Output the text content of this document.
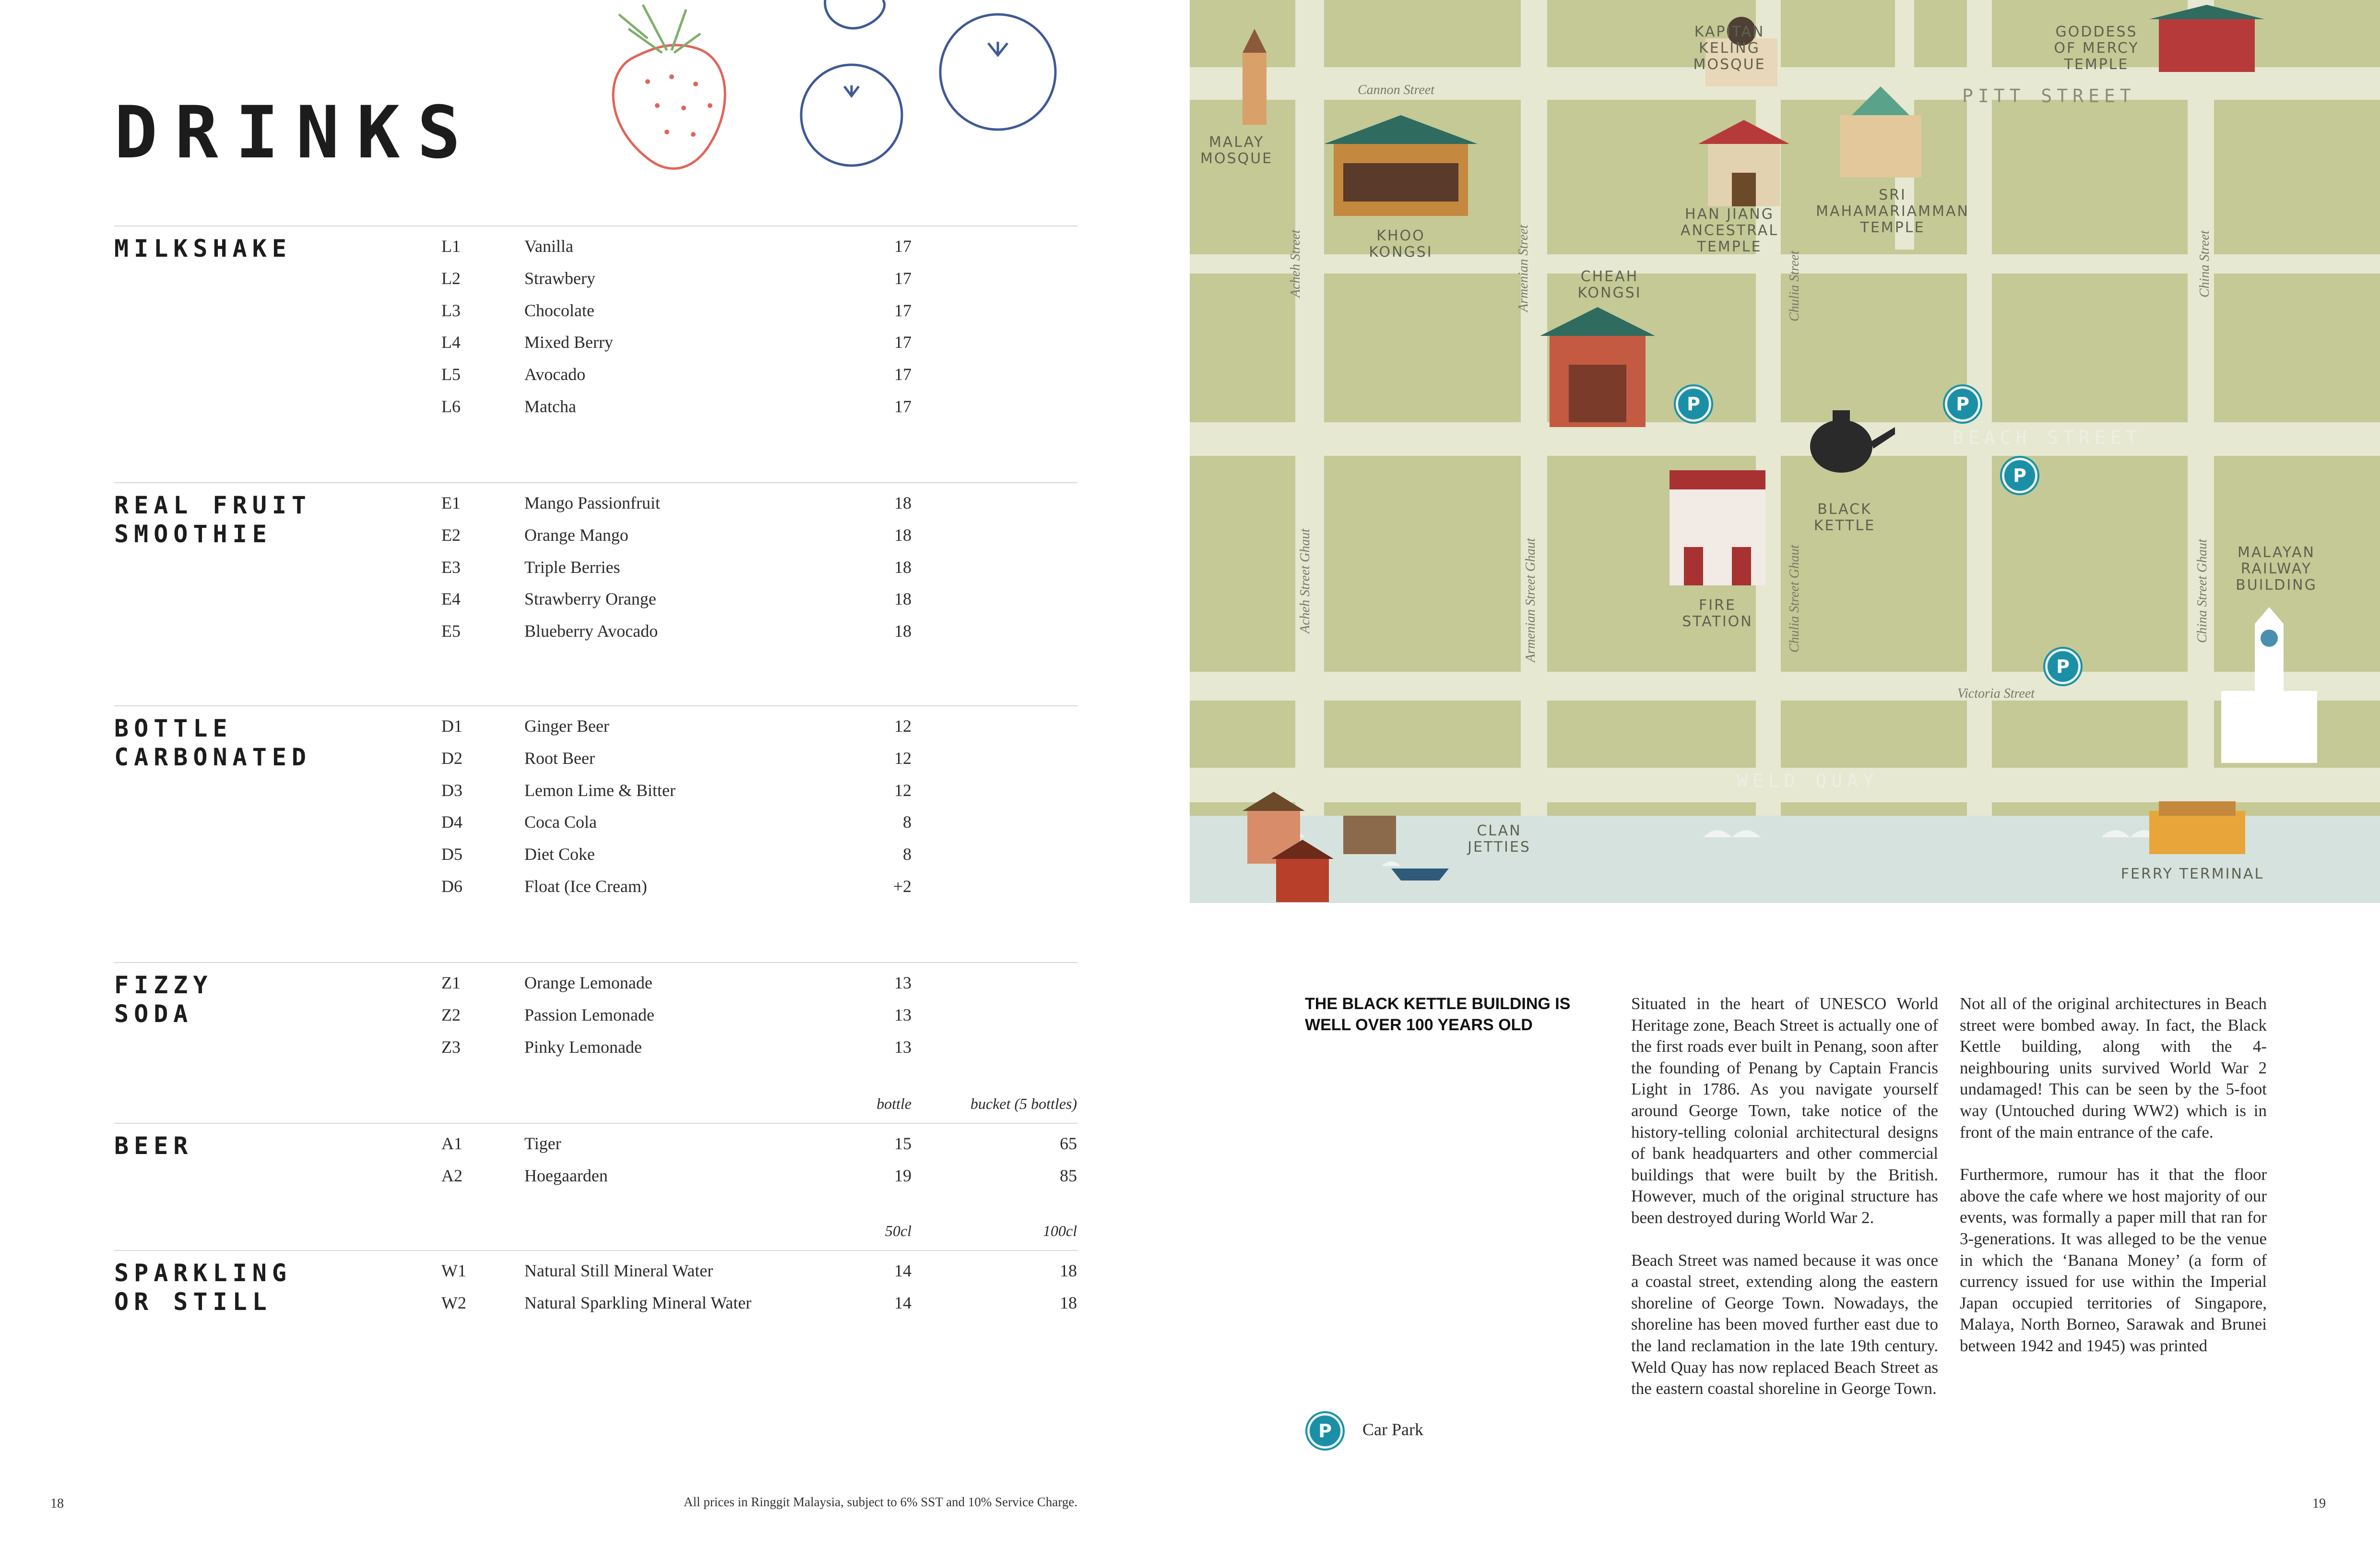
DRINKS
MILKSHAKE	L1	Vanilla	17
L2	Strawbery	17
L3	Chocolate	17
L4	Mixed Berry	17
L5	Avocado	17
L6	Matcha	17
REAL FRUIT
SMOOTHIE
E1	Mango Passionfruit	18
E2	Orange Mango	18
E3	Triple Berries	18
E4	Strawberry Orange	18
E5	Blueberry Avocado	18
BOTTLE
CARBONATED
D1	Ginger Beer	12
D2	Root Beer	12
D3	Lemon Lime & Bitter	12
D4	Coca Cola	8
D5	Diet Coke	8
D6	Float (Ice Cream)	+2
FIZZY
SODA
Z1	Orange Lemonade	13
Z2	Passion Lemonade	13
Z3	Pinky Lemonade	13
BEER
bottle	bucket (5 bottles)
A1	Tiger	15	65
A2	Hoegaarden	19	85
SPARKLING
OR STILL
50cl	100cl
W1	Natural Still Mineral Water	14	18
W2	Natural Sparkling Mineral Water	14	18
18	All prices in Ringgit Malaysia, subject to 6% SST and 10% Service Charge.
MALAY
MOSQUE
KHOO
KONGSI
KAPITAN
KELING
MOSQUE
GODDESS
OF MERCY
TEMPLE
HAN JIANG
ANCESTRAL
TEMPLE
SRI
MAHAMARIAMMAN
TEMPLE
CHEAH
KONGSI
BLACK
KETTLE
FIRE
STATION
MALAYAN
RAILWAY
BUILDING
CLAN
JETTIES
FERRY TERMINAL
PITT STREET
BEACH STREET
WELD QUAY
Cannon Street
Victoria Street
Acheh Street	Armenian Street	Chulia Street	China Street
Acheh Street Ghaut	Armenian Street Ghaut	Chulia Street Ghaut	China Street Ghaut
P	P
P
P
THE BLACK KETTLE BUILDING IS WELL OVER 100 YEARS OLD

Situated in the heart of UNESCO World Heritage zone, Beach Street is actually one of the first roads ever built in Penang, soon after the founding of Penang by Captain Francis Light in 1786. As you navigate yourself around George Town, take notice of the history-telling colonial architectural designs of bank headquarters and other commercial buildings that were built by the British. However, much of the original structure has been destroyed during World War 2.

Beach Street was named because it was once a coastal street, extending along the eastern shoreline of George Town. Nowadays, the shoreline has been moved further east due to the land reclamation in the late 19th century. Weld Quay has now replaced Beach Street as the eastern coastal shoreline in George Town.

Not all of the original architectures in Beach street were bombed away. In fact, the Black Kettle building, along with the 4-neighbouring units survived World War 2 undamaged! This can be seen by the 5-foot way (Untouched during WW2) which is in front of the main entrance of the cafe.

Furthermore, rumour has it that the floor above the cafe where we host majority of our events, was formally a paper mill that ran for 3-generations. It was alleged to be the venue in which the ‘Banana Money’ (a form of currency issued for use within the Imperial Japan occupied territories of Singapore, Malaya, North Borneo, Sarawak and Brunei between 1942 and 1945) was printed

P	Car Park
19
